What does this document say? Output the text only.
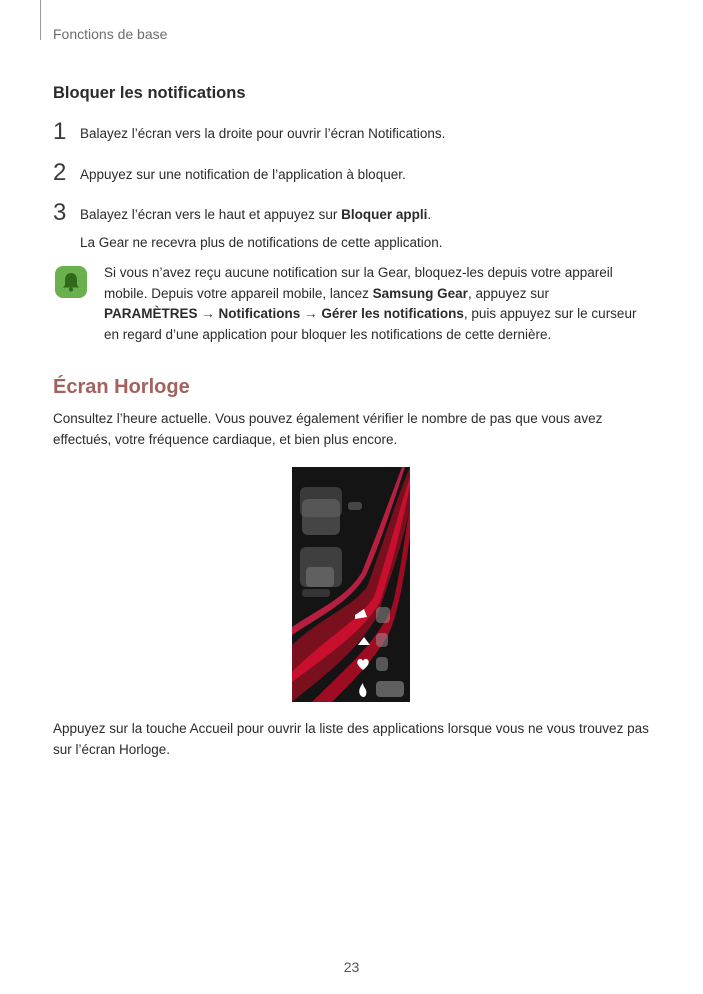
Fonctions de base
Bloquer les notifications
1 Balayez l’écran vers la droite pour ouvrir l’écran Notifications.
2 Appuyez sur une notification de l’application à bloquer.
3 Balayez l’écran vers le haut et appuyez sur Bloquer appli.
La Gear ne recevra plus de notifications de cette application.
Si vous n’avez reçu aucune notification sur la Gear, bloquez-les depuis votre appareil mobile. Depuis votre appareil mobile, lancez Samsung Gear, appuyez sur PARAMÈTRES → Notifications → Gérer les notifications, puis appuyez sur le curseur en regard d’une application pour bloquer les notifications de cette dernière.
Écran Horloge
Consultez l’heure actuelle. Vous pouvez également vérifier le nombre de pas que vous avez effectués, votre fréquence cardiaque, et bien plus encore.
Appuyez sur la touche Accueil pour ouvrir la liste des applications lorsque vous ne vous trouvez pas sur l’écran Horloge.
23
